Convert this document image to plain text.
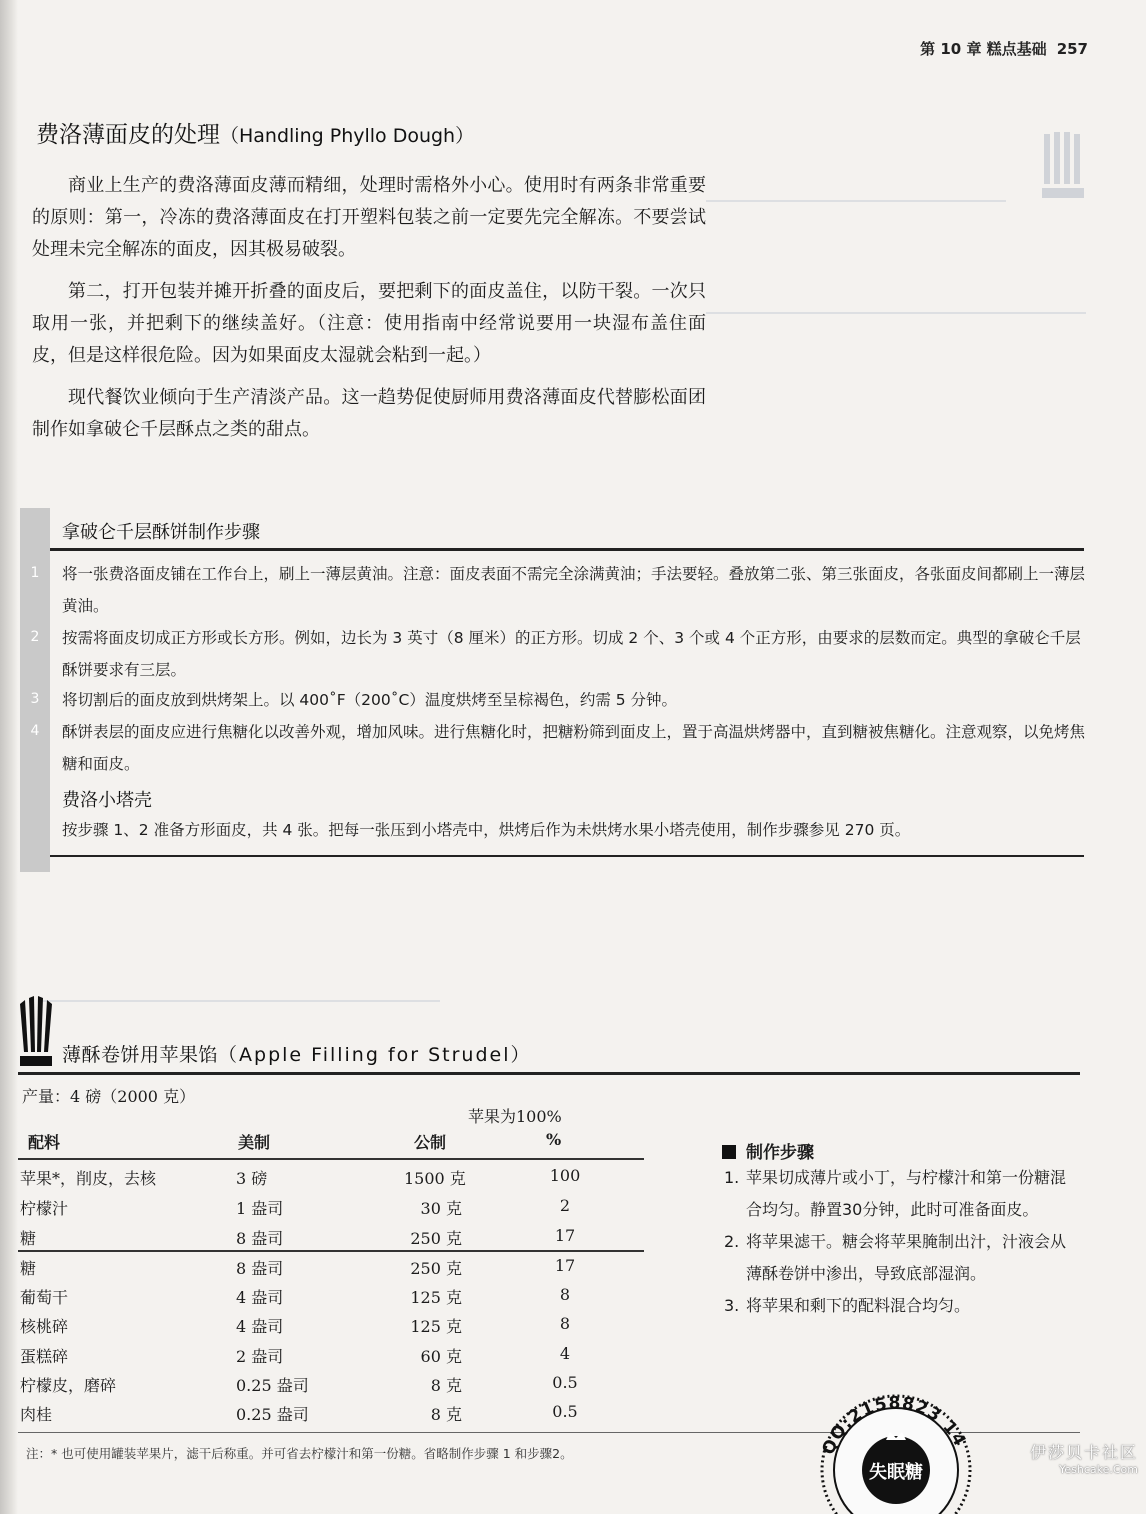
第 10 章 糕点基础 257
费洛薄面皮的处理（Handling Phyllo Dough）

商业上生产的费洛薄面皮薄而精细，处理时需格外小心。使用时有两条非常重要的原则：第一，冷冻的费洛薄面皮在打开塑料包装之前一定要先完全解冻。不要尝试处理未完全解冻的面皮，因其极易破裂。

第二，打开包装并摊开折叠的面皮后，要把剩下的面皮盖住，以防干裂。一次只取用一张，并把剩下的继续盖好。（注意：使用指南中经常说要用一块湿布盖住面皮，但是这样很危险。因为如果面皮太湿就会粘到一起。）

现代餐饮业倾向于生产清淡产品。这一趋势促使厨师用费洛薄面皮代替膨松面团制作如拿破仑千层酥点之类的甜点。

拿破仑千层酥饼制作步骤
1	将一张费洛面皮铺在工作台上，刷上一薄层黄油。注意：面皮表面不需完全涂满黄油；手法要轻。叠放第二张、第三张面皮，各张面皮间都刷上一薄层黄油。
2	按需将面皮切成正方形或长方形。例如，边长为 3 英寸（8 厘米）的正方形。切成 2 个、3 个或 4 个正方形，由要求的层数而定。典型的拿破仑千层酥饼要求有三层。
3	将切割后的面皮放到烘烤架上。以 400˚F（200˚C）温度烘烤至呈棕褐色，约需 5 分钟。
4	酥饼表层的面皮应进行焦糖化以改善外观，增加风味。进行焦糖化时，把糖粉筛到面皮上，置于高温烘烤器中，直到糖被焦糖化。注意观察，以免烤焦糖和面皮。
费洛小塔壳
按步骤 1、2 准备方形面皮，共 4 张。把每一张压到小塔壳中，烘烤后作为未烘烤水果小塔壳使用，制作步骤参见 270 页。
薄酥卷饼用苹果馅（Apple Filling for Strudel）
产量：4 磅（2000 克）
苹果为100%
配料	美制	公制	%
苹果*，削皮，去核	3 磅	1500 克	100
柠檬汁	1 盎司	30 克	2
糖	8 盎司	250 克	17
糖	8 盎司	250 克	17
葡萄干	4 盎司	125 克	8
核桃碎	4 盎司	125 克	8
蛋糕碎	2 盎司	60 克	4
柠檬皮，磨碎	0.25 盎司	8 克	0.5
肉桂	0.25 盎司	8 克	0.5
制作步骤
1. 苹果切成薄片或小丁，与柠檬汁和第一份糖混合均匀。静置30分钟，此时可准备面皮。
2. 将苹果滤干。糖会将苹果腌制出汁，汁液会从薄酥卷饼中渗出，导致底部湿润。
3. 将苹果和剩下的配料混合均匀。
注：* 也可使用罐装苹果片，滤干后称重。并可省去柠檬汁和第一份糖。省略制作步骤 1 和步骤2。	QQ:2158823 14
失眠糖
伊莎贝卡社区
Yeshcake.Com
